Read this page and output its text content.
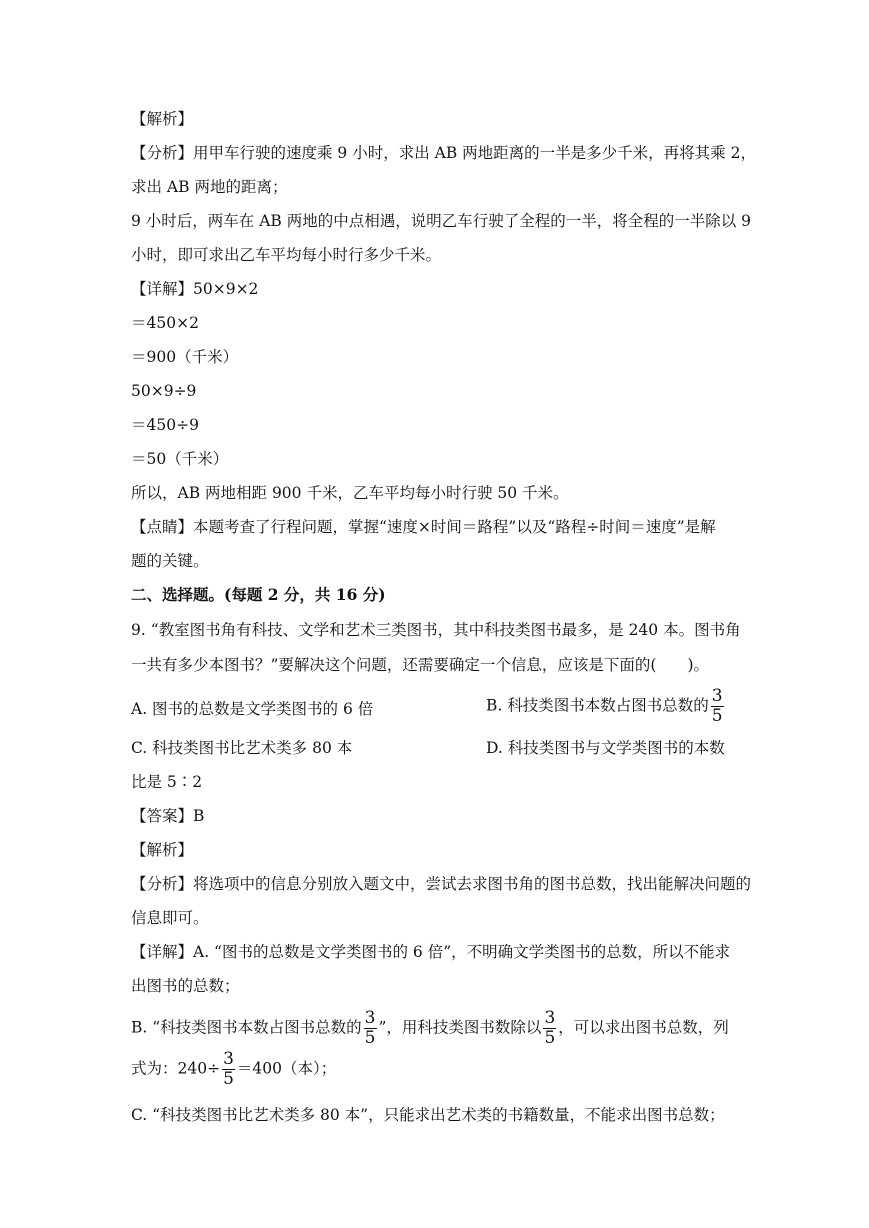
【解析】
【分析】用甲车行驶的速度乘 9 小时，求出 AB 两地距离的一半是多少千米，再将其乘 2，
求出 AB 两地的距离；
9 小时后，两车在 AB 两地的中点相遇，说明乙车行驶了全程的一半，将全程的一半除以 9
小时，即可求出乙车平均每小时行多少千米。
【详解】50×9×2
＝450×2
＝900（千米）
50×9÷9
＝450÷9
＝50（千米）
所以，AB 两地相距 900 千米，乙车平均每小时行驶 50 千米。
【点睛】本题考查了行程问题，掌握“速度×时间＝路程”以及“路程÷时间＝速度”是解
题的关键。
二、选择题。(每题 2 分，共 16 分)
9. “教室图书角有科技、文学和艺术三类图书，其中科技类图书最多，是 240 本。图书角
一共有多少本图书？”要解决这个问题，还需要确定一个信息，应该是下面的(　　)。
A. 图书的总数是文学类图书的 6 倍	B. 科技类图书本数占图书总数的 $\frac{3}{5}$
C. 科技类图书比艺术类多 80 本	D. 科技类图书与文学类图书的本数
比是 5∶2
【答案】B
【解析】
【分析】将选项中的信息分别放入题文中，尝试去求图书角的图书总数，找出能解决问题的
信息即可。
【详解】A. “图书的总数是文学类图书的 6 倍”，不明确文学类图书的总数，所以不能求
出图书的总数；
B. “科技类图书本数占图书总数的 $\frac{3}{5}$ ”，用科技类图书数除以 $\frac{3}{5}$ ，可以求出图书总数，列
式为：$240\div \frac{3}{5} =400$（本）；
C. “科技类图书比艺术类多 80 本”，只能求出艺术类的书籍数量，不能求出图书总数；
